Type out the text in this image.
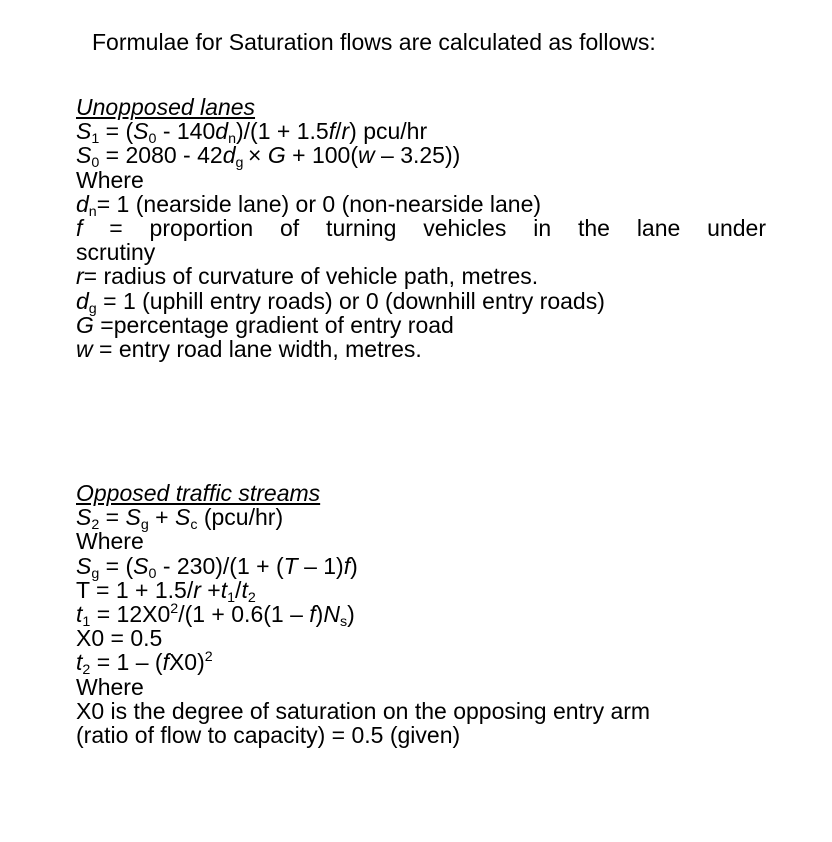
Formulae for Saturation flows are calculated as follows:
Unopposed lanes
$S_1 = (S_0 - 140d_n)/(1 + 1.5f/r)$ pcu/hr
$S_0 = 2080 - 42d_g \times G + 100(w - 3.25)$)
Where
$d_n= 1$ (nearside lane) or 0 (non-nearside lane)
f = proportion of turning vehicles in the lane under
scrutiny
r= radius of curvature of vehicle path, metres.
$d_g = 1$ (uphill entry roads) or 0 (downhill entry roads)
G =percentage gradient of entry road
w = entry road lane width, metres.
Opposed traffic streams
$S_2 = S_g + S_c$ (pcu/hr)
Where
$S_g = (S_0 - 230)/(1 + (T - 1)f)$
$T = 1 + 1.5/r +t_1/t_2$
$t_1 = 12X0^2/(1 + 0.6(1 - f)N_s)$
X0 = 0.5
$t_2 = 1 - (fX0)^2$
Where
X0 is the degree of saturation on the opposing entry arm
(ratio of flow to capacity) = 0.5 (given)
